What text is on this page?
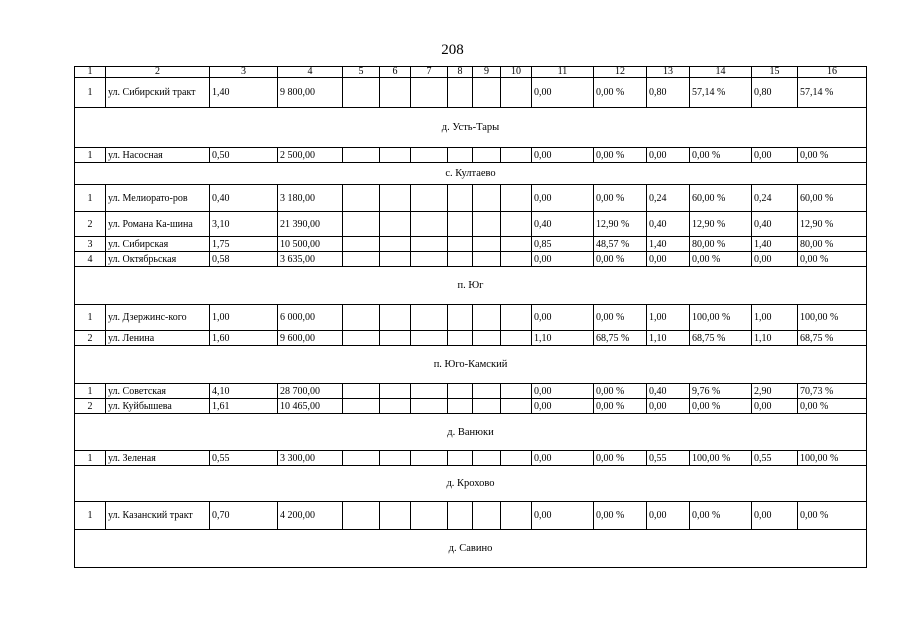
208
1	2	3	4	5	6	7	8	9	10	11	12	13	14	15	16
1	ул. Сибирский тракт	1,40	9 800,00							0,00	0,00 %	0,80	57,14 %	0,80	57,14 %
д. Усть-Тары															
1	ул. Насосная	0,50	2 500,00							0,00	0,00 %	0,00	0,00 %	0,00	0,00 %
с. Култаево															
1	ул. Мелиорато-ров	0,40	3 180,00							0,00	0,00 %	0,24	60,00 %	0,24	60,00 %
2	ул. Романа Ка-шина	3,10	21 390,00							0,40	12,90 %	0,40	12,90 %	0,40	12,90 %
3	ул. Сибирская	1,75	10 500,00							0,85	48,57 %	1,40	80,00 %	1,40	80,00 %
4	ул. Октябрьская	0,58	3 635,00							0,00	0,00 %	0,00	0,00 %	0,00	0,00 %
п. Юг															
1	ул. Дзержинс-кого	1,00	6 000,00							0,00	0,00 %	1,00	100,00 %	1,00	100,00 %
2	ул. Ленина	1,60	9 600,00							1,10	68,75 %	1,10	68,75 %	1,10	68,75 %
п. Юго-Камский															
1	ул. Советская	4,10	28 700,00							0,00	0,00 %	0,40	9,76 %	2,90	70,73 %
2	ул. Куйбышева	1,61	10 465,00							0,00	0,00 %	0,00	0,00 %	0,00	0,00 %
д. Ванюки															
1	ул. Зеленая	0,55	3 300,00							0,00	0,00 %	0,55	100,00 %	0,55	100,00 %
д. Крохово															
1	ул. Казанский тракт	0,70	4 200,00							0,00	0,00 %	0,00	0,00 %	0,00	0,00 %
д. Савино															
